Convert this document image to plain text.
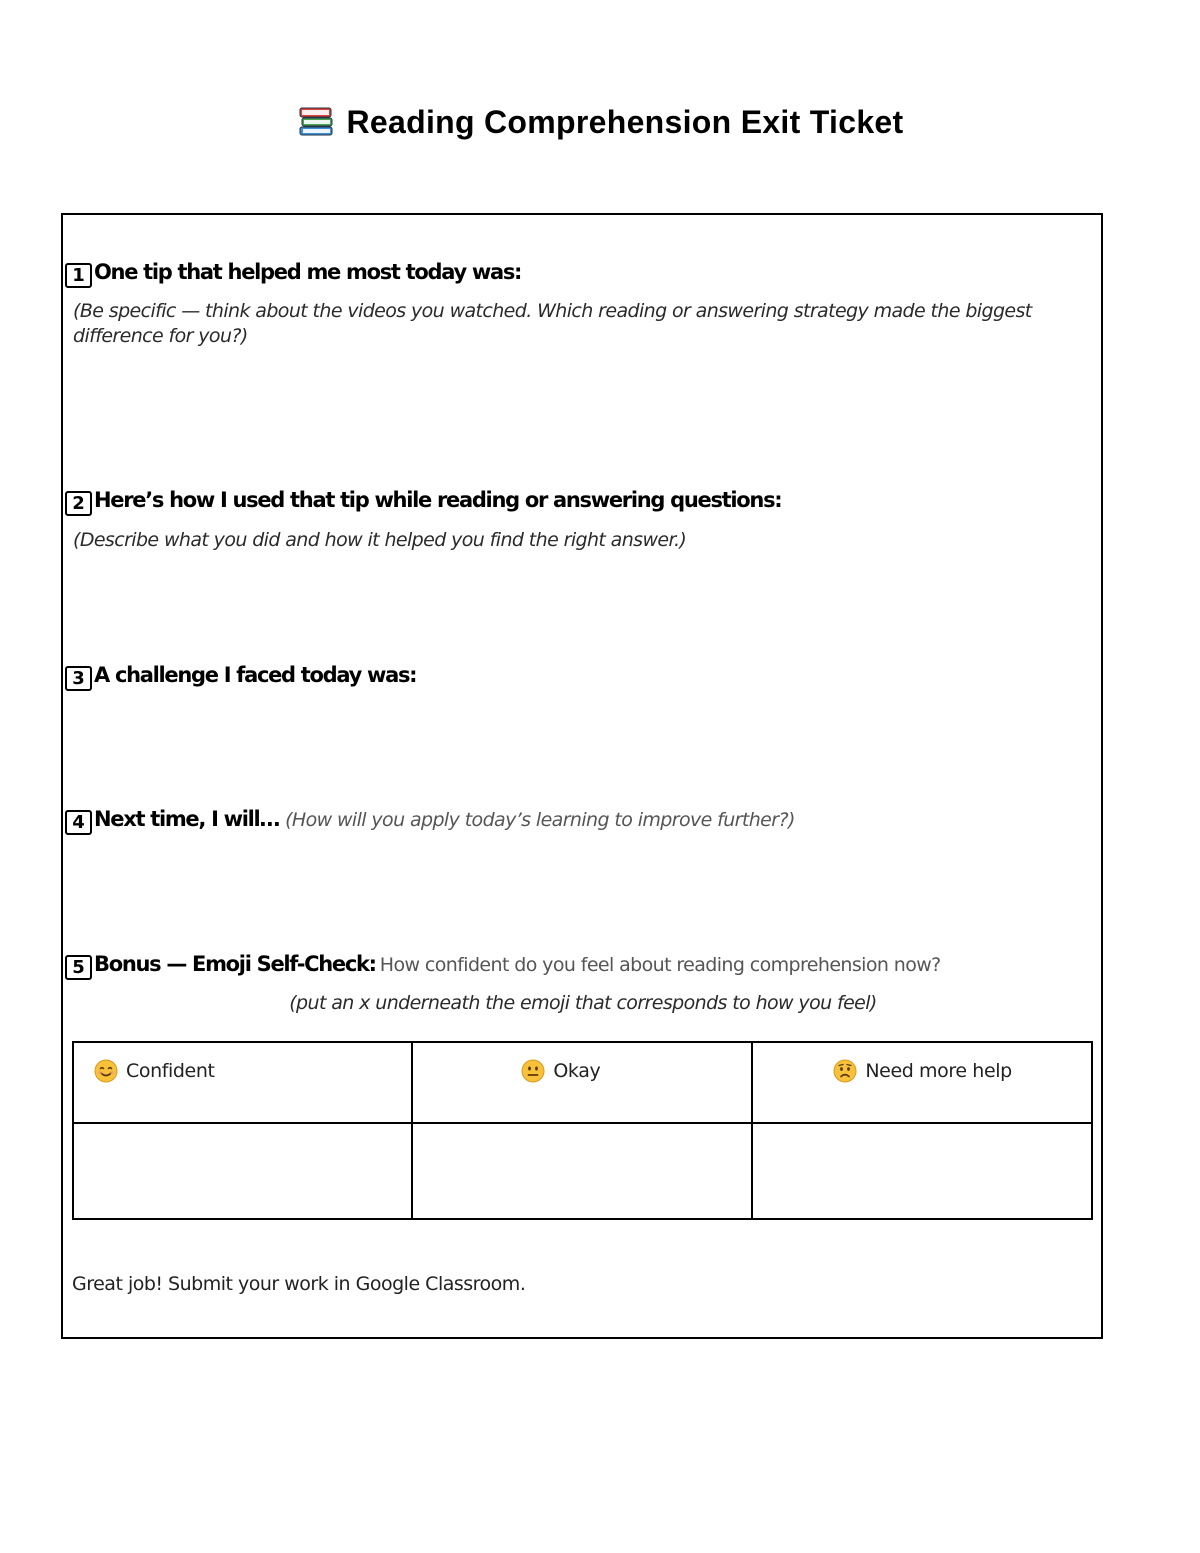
Reading Comprehension Exit Ticket
1 One tip that helped me most today was:
(Be specific — think about the videos you watched. Which reading or answering strategy made the biggest difference for you?)
2 Here’s how I used that tip while reading or answering questions:
(Describe what you did and how it helped you find the right answer.)
3 A challenge I faced today was:
4 Next time, I will… (How will you apply today’s learning to improve further?)
5 Bonus — Emoji Self-Check: How confident do you feel about reading comprehension now?
(put an x underneath the emoji that corresponds to how you feel)
Confident	Okay	Need more help

Great job! Submit your work in Google Classroom.
